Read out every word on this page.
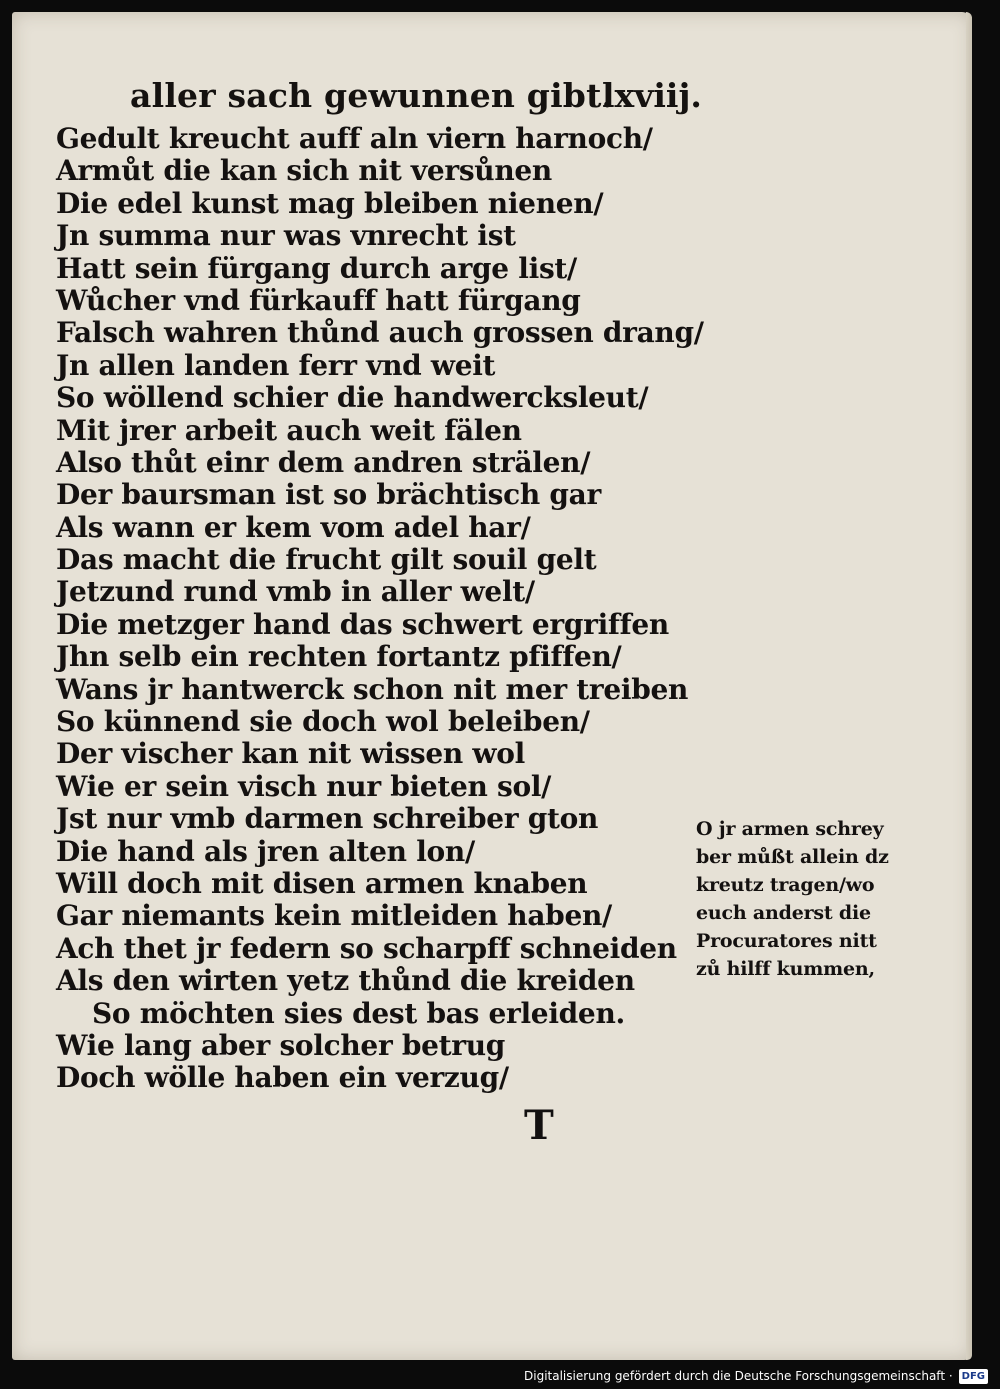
aller sach gewunnen gibt.
lxviij.
Gedult kreucht auff aln viern harnoch/
Armůt die kan sich nit versůnen
Die edel kunst mag bleiben nienen/
Jn summa nur was vnrecht ist
Hatt sein fürgang durch arge list/
Wůcher vnd fürkauff hatt fürgang
Falsch wahren thůnd auch grossen drang/
Jn allen landen ferr vnd weit
So wöllend schier die handwercksleut/
Mit jrer arbeit auch weit fälen
Also thůt einr dem andren strälen/
Der baursman ist so brächtisch gar
Als wann er kem vom adel har/
Das macht die frucht gilt souil gelt
Jetzund rund vmb in aller welt/
Die metzger hand das schwert ergriffen
Jhn selb ein rechten fortantz pfiffen/
Wans jr hantwerck schon nit mer treiben
So künnend sie doch wol beleiben/
Der vischer kan nit wissen wol
Wie er sein visch nur bieten sol/
Jst nur vmb darmen schreiber gton
Die hand als jren alten lon/
Will doch mit disen armen knaben
Gar niemants kein mitleiden haben/
Ach thet jr federn so scharpff schneiden
Als den wirten yetz thůnd die kreiden
So möchten sies dest bas erleiden.
Wie lang aber solcher betrug
Doch wölle haben ein verzug/
O jr armen schrey
ber můßt allein dz
kreutz tragen/wo
euch anderst die
Procuratores nitt
zů hilff kummen,
T
Digitalisierung gefördert durch die Deutsche Forschungsgemeinschaft · DFG
